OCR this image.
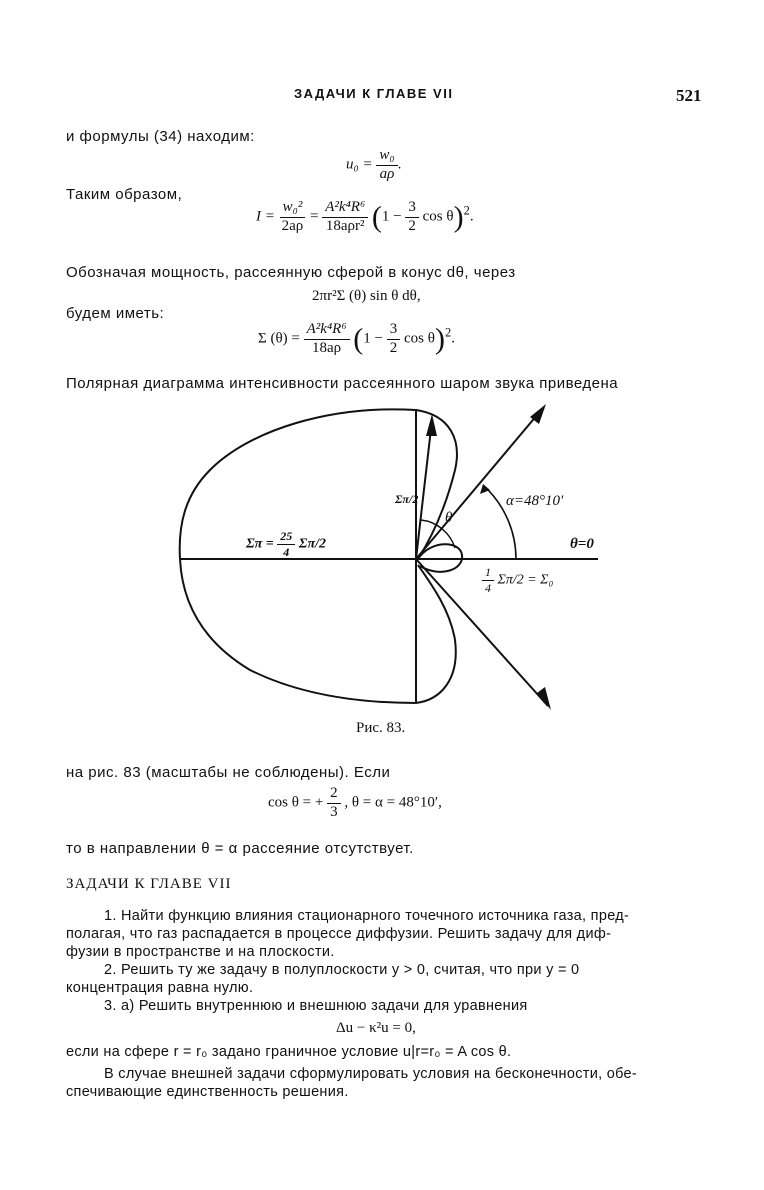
ЗАДАЧИ К ГЛАВЕ VII	521
и формулы (34) находим:
$u_0 = \frac{\text{w₀}}{a\rho}$ .
Таким образом,
$I = \frac{\text{w₀²}}{2a\rho} = \frac{\text{A²k⁴R⁶}}{\text{18aρr²}} (1 - \frac{3}{2}$ $\cos \theta)^2$.
Обозначая мощность, рассеянную сферой в конус dθ, через
2πr²Σ (θ) sin θ dθ,
будем иметь:
Σ $(\theta) = \frac{\text{A²k⁴R⁶}}{18a\rho} (1 - \frac{3}{2}$ $\cos \theta)^2$.
Полярная диаграмма интенсивности рассеянного шаром звука приведена
α=48°10′
θ=0
θ
Σπ/2
$\Sigma\pi = \frac{25}{4} \Sigma\pi/2$
$\frac{1}{4} \Sigma\pi/2 = \Sigma_0$
Рис. 83.
на рис. 83 (масштабы не соблюдены). Если
cos θ = + $\frac{2}{3}$ , θ = α = 48°10′,
то в направлении θ = α рассеяние отсутствует.
ЗАДАЧИ К ГЛАВЕ VII
1. Найти функцию влияния стационарного точечного источника газа, пред-
полагая, что газ распадается в процессе диффузии. Решить задачу для диф-
фузии в пространстве и на плоскости.
2. Решить ту же задачу в полуплоскости y > 0, считая, что при y = 0
концентрация равна нулю.
3. а) Решить внутреннюю и внешнюю задачи для уравнения
Δu − κ²u = 0,
если на сфере r = r₀ задано граничное условие u|r=r₀ = A cos θ.
В случае внешней задачи сформулировать условия на бесконечности, обе-
спечивающие единственность решения.
